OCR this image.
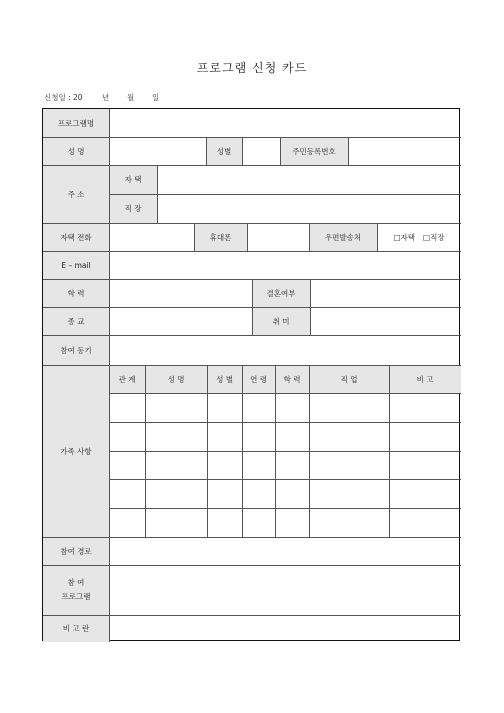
프로그램 신청 카드
신청일 : 20	년	월	일
프로그램명
성 명	성별	주민등록번호
주 소
자 택
직 장
자택 전화	휴대폰	우편발송처	□자택 □직장
E – mail
학 력	결혼여부
종 교	취 미
참여 동기
가족 사항
관 계	성 명	성 별	연 령	학 력	직 업	비 고
참여 경로
참 여
프로그램
비 고 란
